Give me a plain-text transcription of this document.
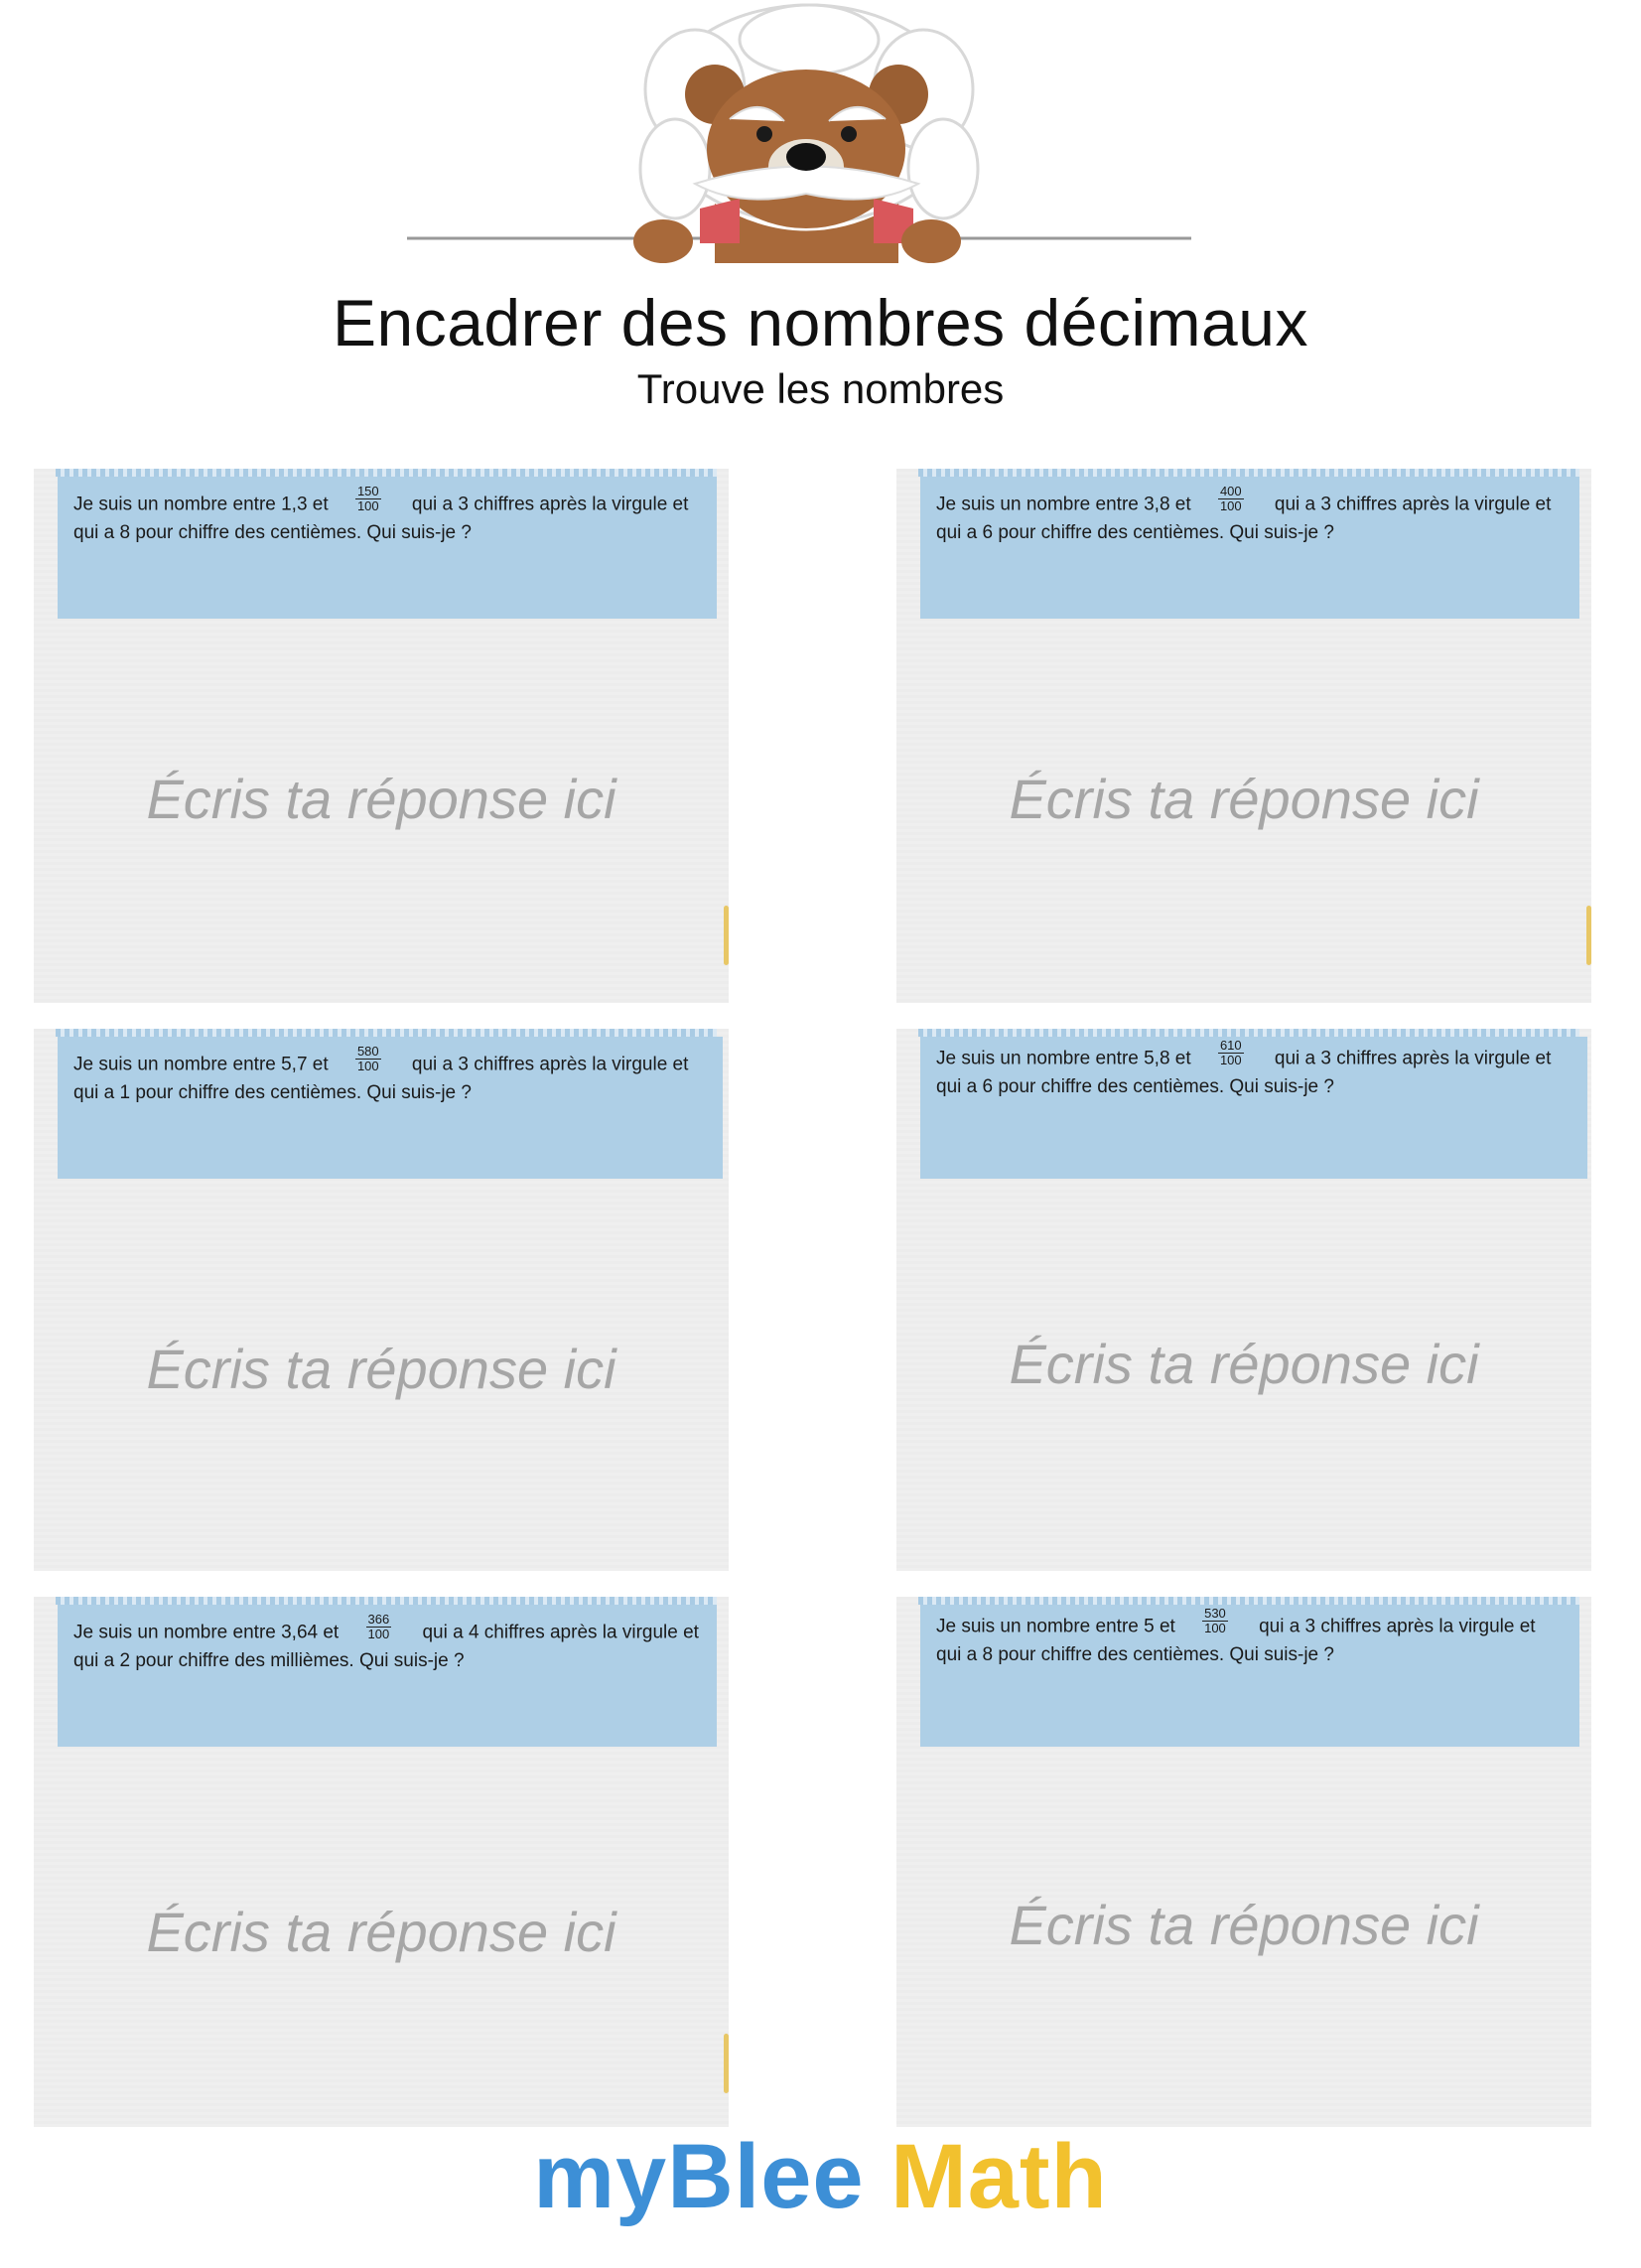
Encadrer des nombres décimaux
Trouve les nombres
Je suis un nombre entre 1,3 et $\frac{150}{100}$ qui a 3 chiffres après la virgule et
qui a 8 pour chiffre des centièmes. Qui suis-je ?
Écris ta réponse ici
Je suis un nombre entre 3,8 et $\frac{400}{100}$ qui a 3 chiffres après la virgule et
qui a 6 pour chiffre des centièmes. Qui suis-je ?
Écris ta réponse ici
Je suis un nombre entre 5,7 et $\frac{580}{100}$ qui a 3 chiffres après la virgule et
qui a 1 pour chiffre des centièmes. Qui suis-je ?
Écris ta réponse ici
Je suis un nombre entre 5,8 et $\frac{610}{100}$ qui a 3 chiffres après la virgule et
qui a 6 pour chiffre des centièmes. Qui suis-je ?
Écris ta réponse ici
Je suis un nombre entre 3,64 et $\frac{366}{100}$ qui a 4 chiffres après la virgule et
qui a 2 pour chiffre des millièmes. Qui suis-je ?
Écris ta réponse ici
Je suis un nombre entre 5 et $\frac{530}{100}$ qui a 3 chiffres après la virgule et
qui a 8 pour chiffre des centièmes. Qui suis-je ?
Écris ta réponse ici
myBlee Math
